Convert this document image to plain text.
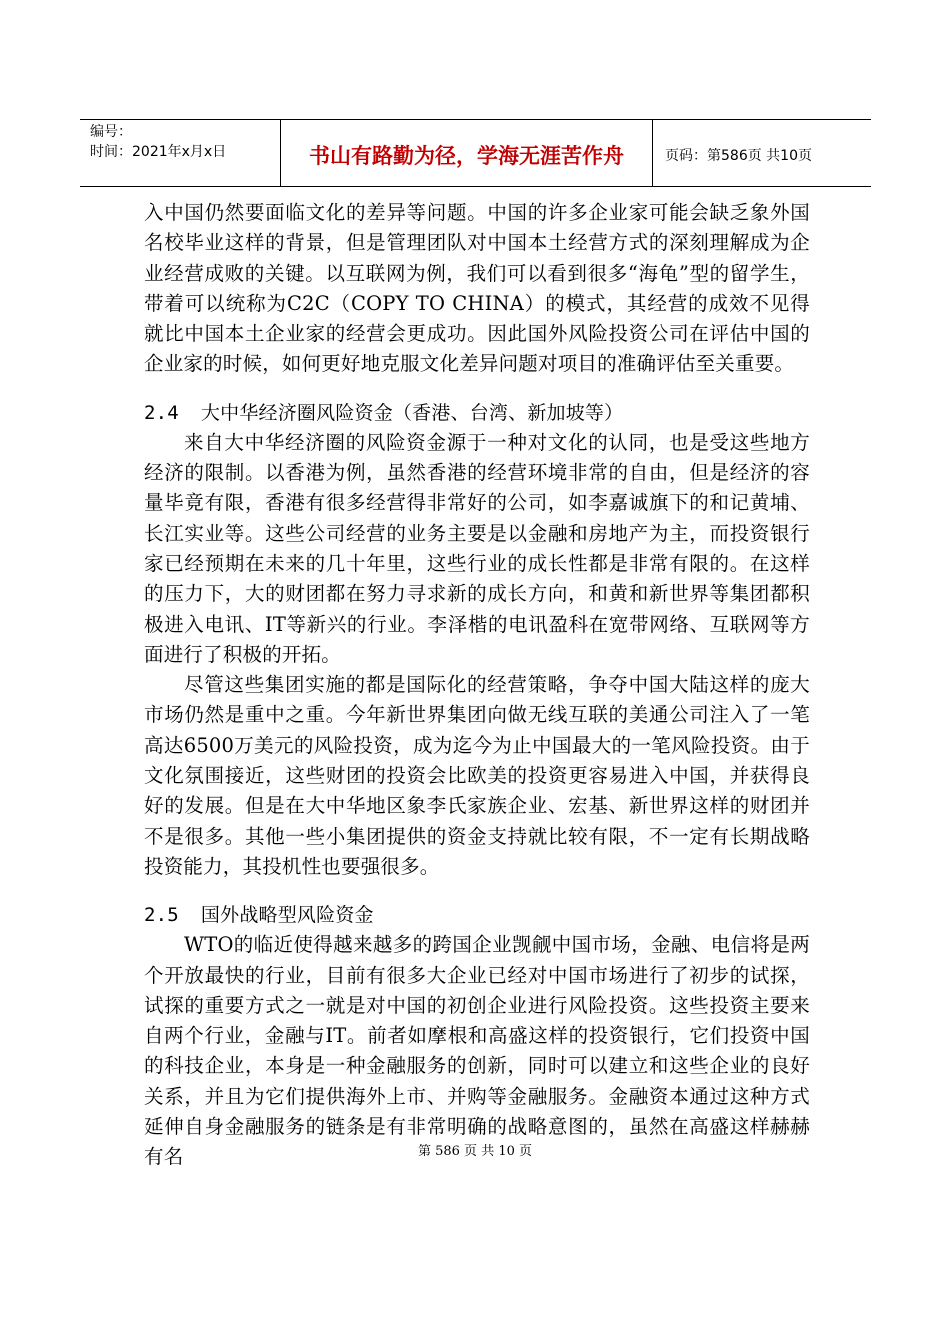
编号：
时间：2021年x月x日	书山有路勤为径，学海无涯苦作舟	页码：第586页 共10页

入中国仍然要面临文化的差异等问题。中国的许多企业家可能会缺乏象外国名校毕业这样的背景，但是管理团队对中国本土经营方式的深刻理解成为企业经营成败的关键。以互联网为例，我们可以看到很多“海龟”型的留学生，带着可以统称为C2C（COPY TO CHINA）的模式，其经营的成效不见得就比中国本土企业家的经营会更成功。因此国外风险投资公司在评估中国的企业家的时候，如何更好地克服文化差异问题对项目的准确评估至关重要。

2.4 大中华经济圈风险资金（香港、台湾、新加坡等）

来自大中华经济圈的风险资金源于一种对文化的认同，也是受这些地方经济的限制。以香港为例，虽然香港的经营环境非常的自由，但是经济的容量毕竟有限，香港有很多经营得非常好的公司，如李嘉诚旗下的和记黄埔、长江实业等。这些公司经营的业务主要是以金融和房地产为主，而投资银行家已经预期在未来的几十年里，这些行业的成长性都是非常有限的。在这样的压力下，大的财团都在努力寻求新的成长方向，和黄和新世界等集团都积极进入电讯、IT等新兴的行业。李泽楷的电讯盈科在宽带网络、互联网等方面进行了积极的开拓。

尽管这些集团实施的都是国际化的经营策略，争夺中国大陆这样的庞大市场仍然是重中之重。今年新世界集团向做无线互联的美通公司注入了一笔高达6500万美元的风险投资，成为迄今为止中国最大的一笔风险投资。由于文化氛围接近，这些财团的投资会比欧美的投资更容易进入中国，并获得良好的发展。但是在大中华地区象李氏家族企业、宏基、新世界这样的财团并不是很多。其他一些小集团提供的资金支持就比较有限，不一定有长期战略投资能力，其投机性也要强很多。

2.5 国外战略型风险资金

WTO的临近使得越来越多的跨国企业觊觎中国市场，金融、电信将是两个开放最快的行业，目前有很多大企业已经对中国市场进行了初步的试探，试探的重要方式之一就是对中国的初创企业进行风险投资。这些投资主要来自两个行业，金融与IT。前者如摩根和高盛这样的投资银行，它们投资中国的科技企业，本身是一种金融服务的创新，同时可以建立和这些企业的良好关系，并且为它们提供海外上市、并购等金融服务。金融资本通过这种方式延伸自身金融服务的链条是有非常明确的战略意图的，虽然在高盛这样赫赫有名	第 586 页 共 10 页
